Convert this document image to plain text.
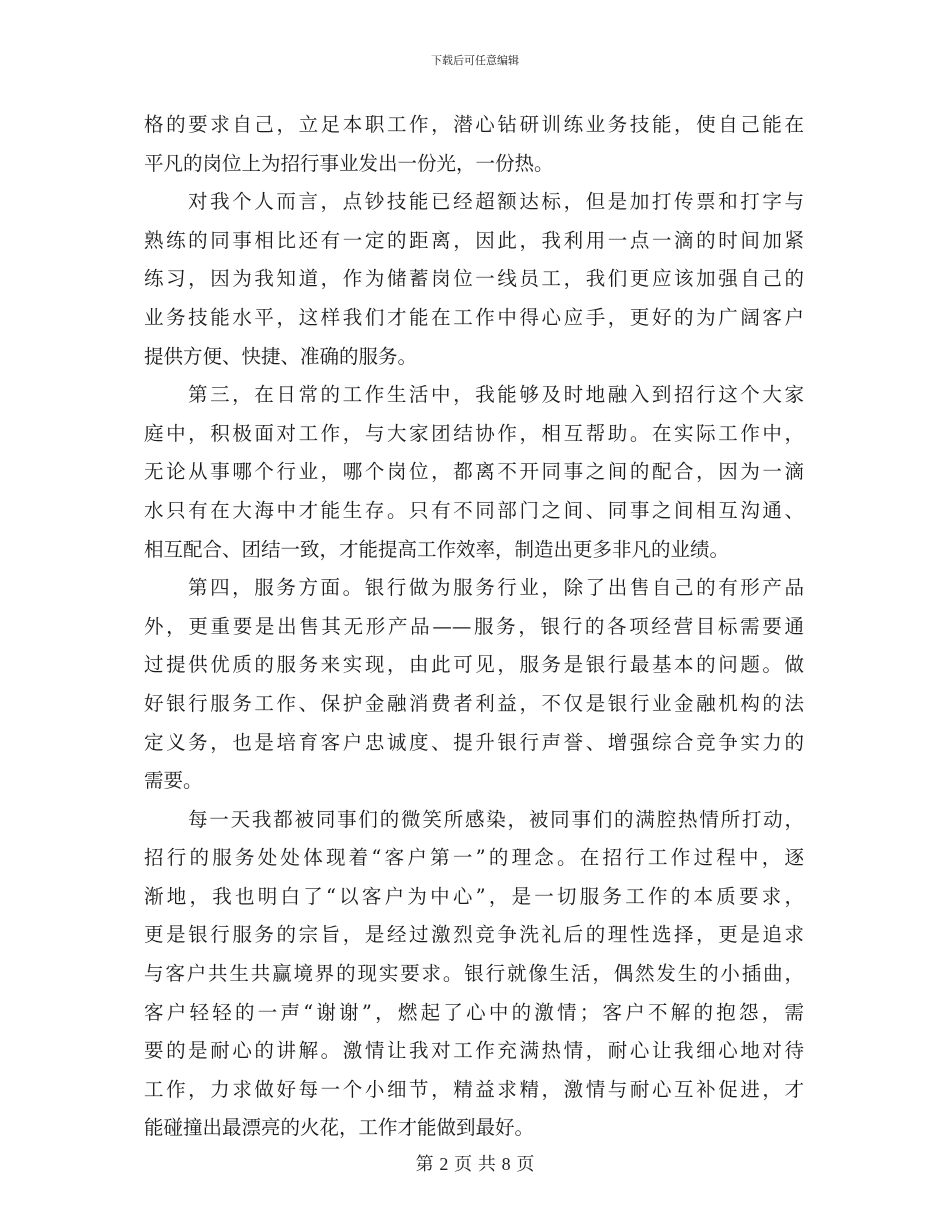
下载后可任意编辑
格的要求自己，立足本职工作，潜心钻研训练业务技能，使自己能在
平凡的岗位上为招行事业发出一份光，一份热。
对我个人而言，点钞技能已经超额达标，但是加打传票和打字与
熟练的同事相比还有一定的距离，因此，我利用一点一滴的时间加紧
练习，因为我知道，作为储蓄岗位一线员工，我们更应该加强自己的
业务技能水平，这样我们才能在工作中得心应手，更好的为广阔客户
提供方便、快捷、准确的服务。
第三，在日常的工作生活中，我能够及时地融入到招行这个大家
庭中，积极面对工作，与大家团结协作，相互帮助。在实际工作中，
无论从事哪个行业，哪个岗位，都离不开同事之间的配合，因为一滴
水只有在大海中才能生存。只有不同部门之间、同事之间相互沟通、
相互配合、团结一致，才能提高工作效率，制造出更多非凡的业绩。
第四，服务方面。银行做为服务行业，除了出售自己的有形产品
外，更重要是出售其无形产品——服务，银行的各项经营目标需要通
过提供优质的服务来实现，由此可见，服务是银行最基本的问题。做
好银行服务工作、保护金融消费者利益，不仅是银行业金融机构的法
定义务，也是培育客户忠诚度、提升银行声誉、增强综合竞争实力的
需要。
每一天我都被同事们的微笑所感染，被同事们的满腔热情所打动，
招行的服务处处体现着“客户第一”的理念。在招行工作过程中，逐
渐地，我也明白了“以客户为中心”，是一切服务工作的本质要求，
更是银行服务的宗旨，是经过激烈竞争洗礼后的理性选择，更是追求
与客户共生共赢境界的现实要求。银行就像生活，偶然发生的小插曲，
客户轻轻的一声“谢谢”，燃起了心中的激情；客户不解的抱怨，需
要的是耐心的讲解。激情让我对工作充满热情，耐心让我细心地对待
工作，力求做好每一个小细节，精益求精，激情与耐心互补促进，才
能碰撞出最漂亮的火花，工作才能做到最好。
第 2 页 共 8 页
